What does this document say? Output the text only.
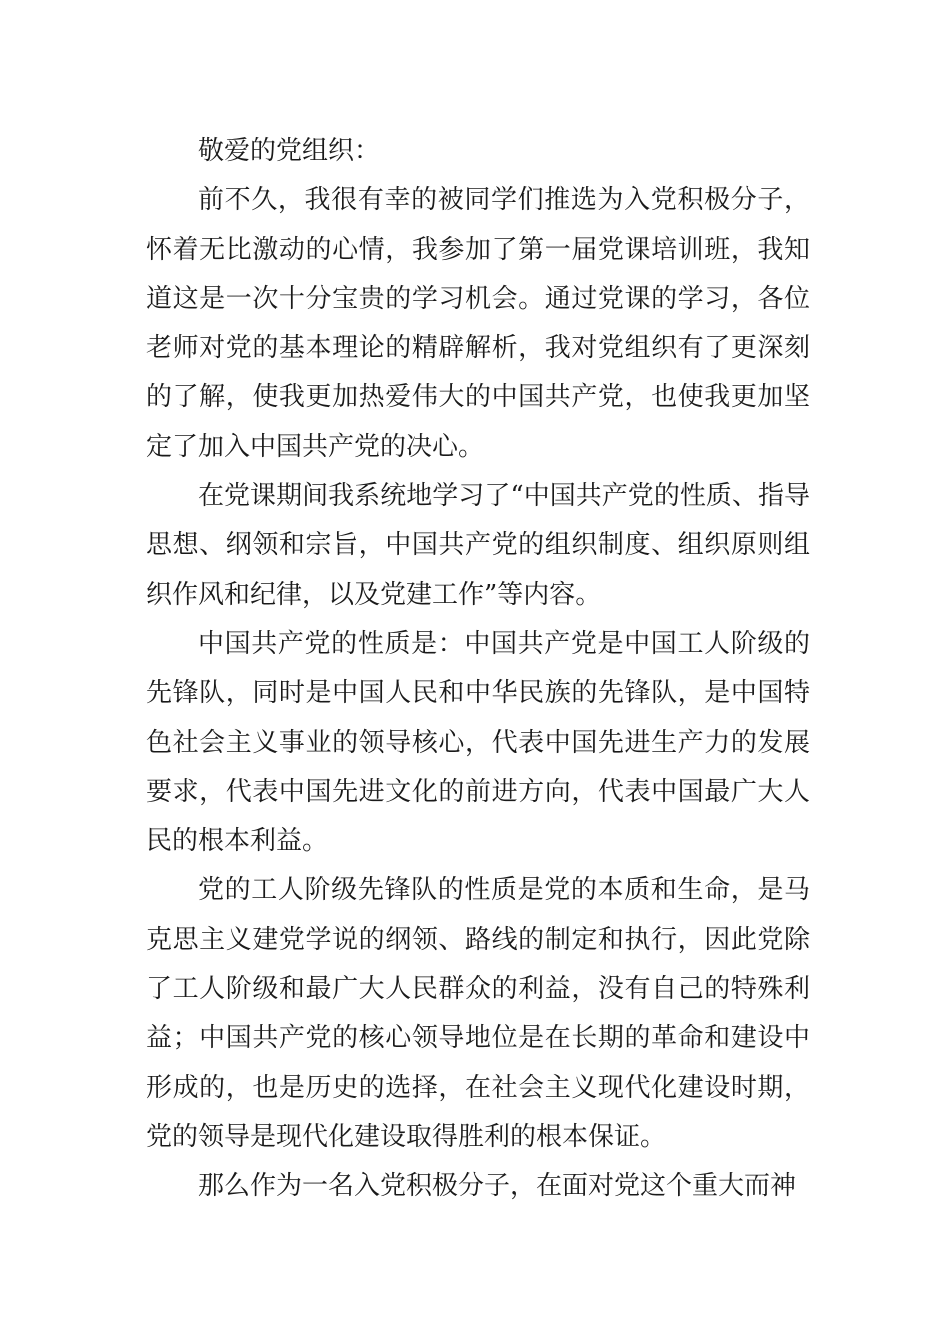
敬爱的党组织：

前不久，我很有幸的被同学们推选为入党积极分子，怀着无比激动的心情，我参加了第一届党课培训班，我知道这是一次十分宝贵的学习机会。通过党课的学习，各位老师对党的基本理论的精辟解析，我对党组织有了更深刻的了解，使我更加热爱伟大的中国共产党，也使我更加坚定了加入中国共产党的决心。

在党课期间我系统地学习了“中国共产党的性质、指导思想、纲领和宗旨，中国共产党的组织制度、组织原则组织作风和纪律，以及党建工作”等内容。

中国共产党的性质是：中国共产党是中国工人阶级的先锋队，同时是中国人民和中华民族的先锋队，是中国特色社会主义事业的领导核心，代表中国先进生产力的发展要求，代表中国先进文化的前进方向，代表中国最广大人民的根本利益。

党的工人阶级先锋队的性质是党的本质和生命，是马克思主义建党学说的纲领、路线的制定和执行，因此党除了工人阶级和最广大人民群众的利益，没有自己的特殊利益；中国共产党的核心领导地位是在长期的革命和建设中形成的，也是历史的选择，在社会主义现代化建设时期，党的领导是现代化建设取得胜利的根本保证。

那么作为一名入党积极分子，在面对党这个重大而神
